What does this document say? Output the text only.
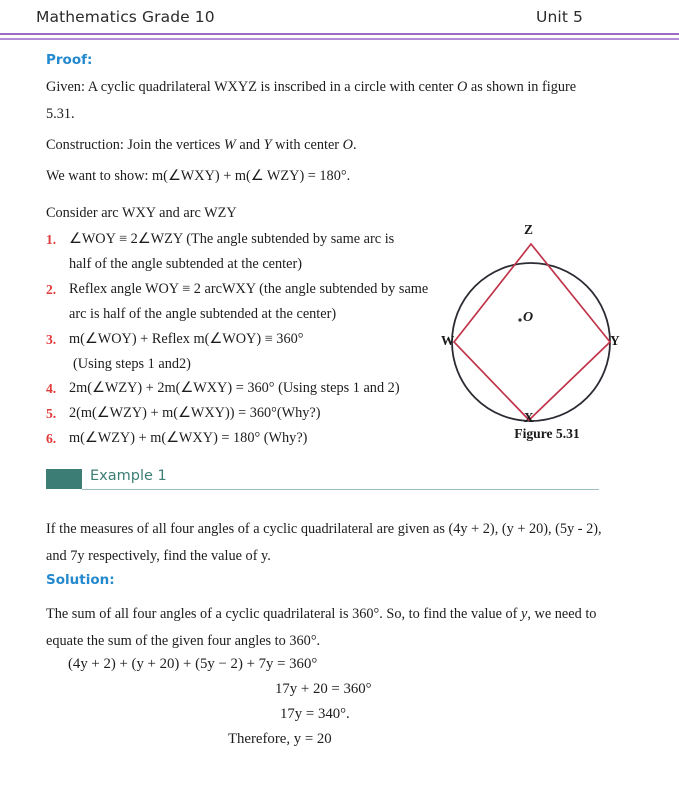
Mathematics Grade 10	Unit 5
Proof:
Given: A cyclic quadrilateral WXYZ is inscribed in a circle with center O as shown in figure
5.31.
Construction: Join the vertices W and Y with center O.
We want to show: m(∠WXY) + m(∠ WZY) = 180°.
Consider arc WXY and arc WZY
1. ∠WOY ≡ 2∠WZY (The angle subtended by same arc is
half of the angle subtended at the center)
2. Reflex angle WOY ≡ 2 arcWXY (the angle subtended by same
arc is half of the angle subtended at the center)
3. m(∠WOY) + Reflex m(∠WOY) ≡ 360°
(Using steps 1 and2)
4. 2m(∠WZY) + 2m(∠WXY) = 360° (Using steps 1 and 2)
5. 2(m(∠WZY) + m(∠WXY)) = 360°(Why?)
6. m(∠WZY) + m(∠WXY) = 180° (Why?)
Z
Y
X
W
O
Figure 5.31
Example 1
If the measures of all four angles of a cyclic quadrilateral are given as (4y + 2), (y + 20), (5y - 2),
and 7y respectively, find the value of y.
Solution:
The sum of all four angles of a cyclic quadrilateral is 360°. So, to find the value of y, we need to
equate the sum of the given four angles to 360°.
(4y + 2) + (y + 20) + (5y − 2) + 7y = 360°
17y + 20 = 360°
17y = 340°.
Therefore, y = 20
